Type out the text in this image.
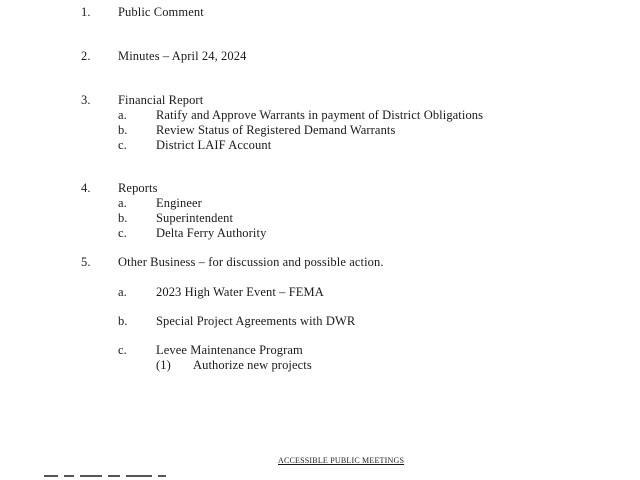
1. Public Comment
2. Minutes – April 24, 2024
3. Financial Report
a. Ratify and Approve Warrants in payment of District Obligations
b. Review Status of Registered Demand Warrants
c. District LAIF Account
4. Reports
a. Engineer
b. Superintendent
c. Delta Ferry Authority
5. Other Business – for discussion and possible action.
a. 2023 High Water Event – FEMA
b. Special Project Agreements with DWR
c. Levee Maintenance Program
(1) Authorize new projects
ACCESSIBLE PUBLIC MEETINGS
